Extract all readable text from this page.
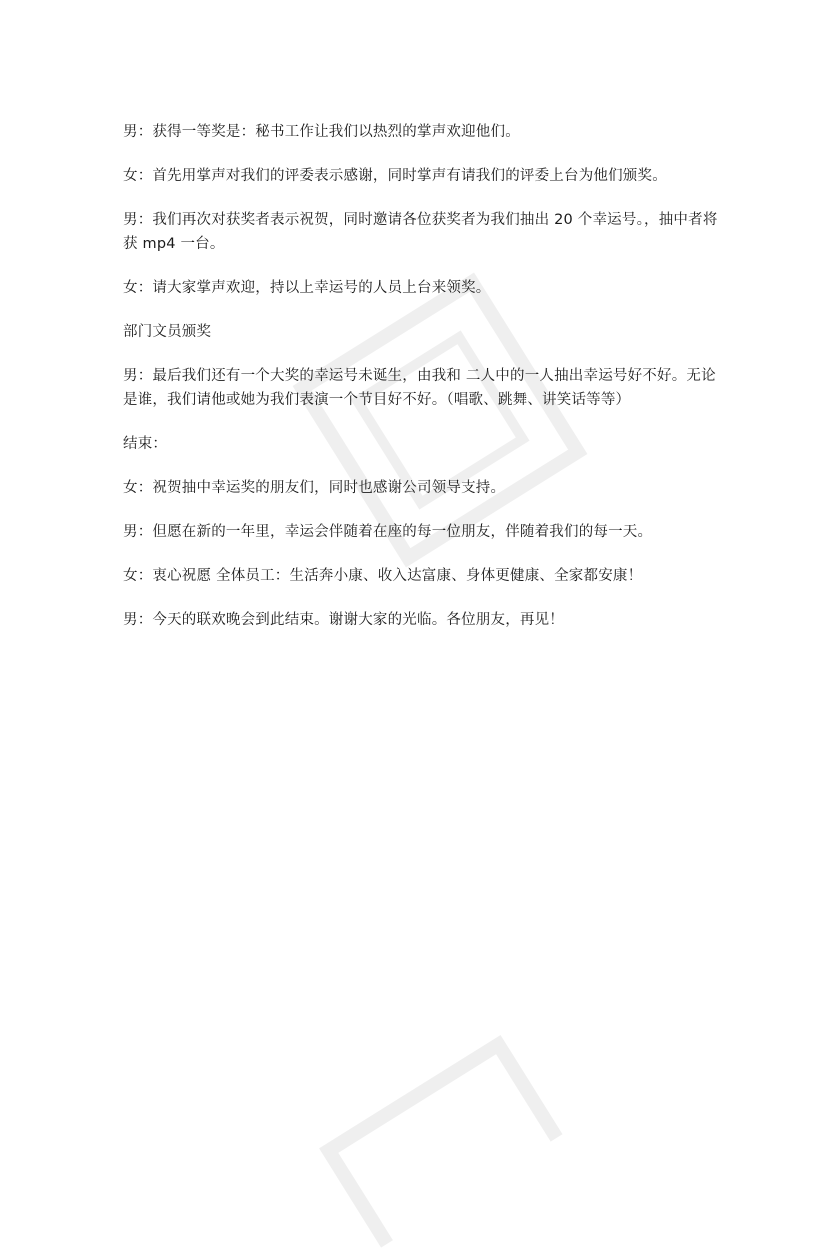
男：获得一等奖是：秘书工作让我们以热烈的掌声欢迎他们。

女：首先用掌声对我们的评委表示感谢，同时掌声有请我们的评委上台为他们颁奖。

男：我们再次对获奖者表示祝贺，同时邀请各位获奖者为我们抽出 20 个幸运号。，抽中者将获 mp4 一台。

女：请大家掌声欢迎，持以上幸运号的人员上台来领奖。

部门文员颁奖

男：最后我们还有一个大奖的幸运号未诞生，由我和 二人中的一人抽出幸运号好不好。无论是谁，我们请他或她为我们表演一个节目好不好。（唱歌、跳舞、讲笑话等等）

结束：

女：祝贺抽中幸运奖的朋友们，同时也感谢公司领导支持。

男：但愿在新的一年里，幸运会伴随着在座的每一位朋友，伴随着我们的每一天。

女：衷心祝愿 全体员工：生活奔小康、收入达富康、身体更健康、全家都安康！

男：今天的联欢晚会到此结束。谢谢大家的光临。各位朋友，再见！
